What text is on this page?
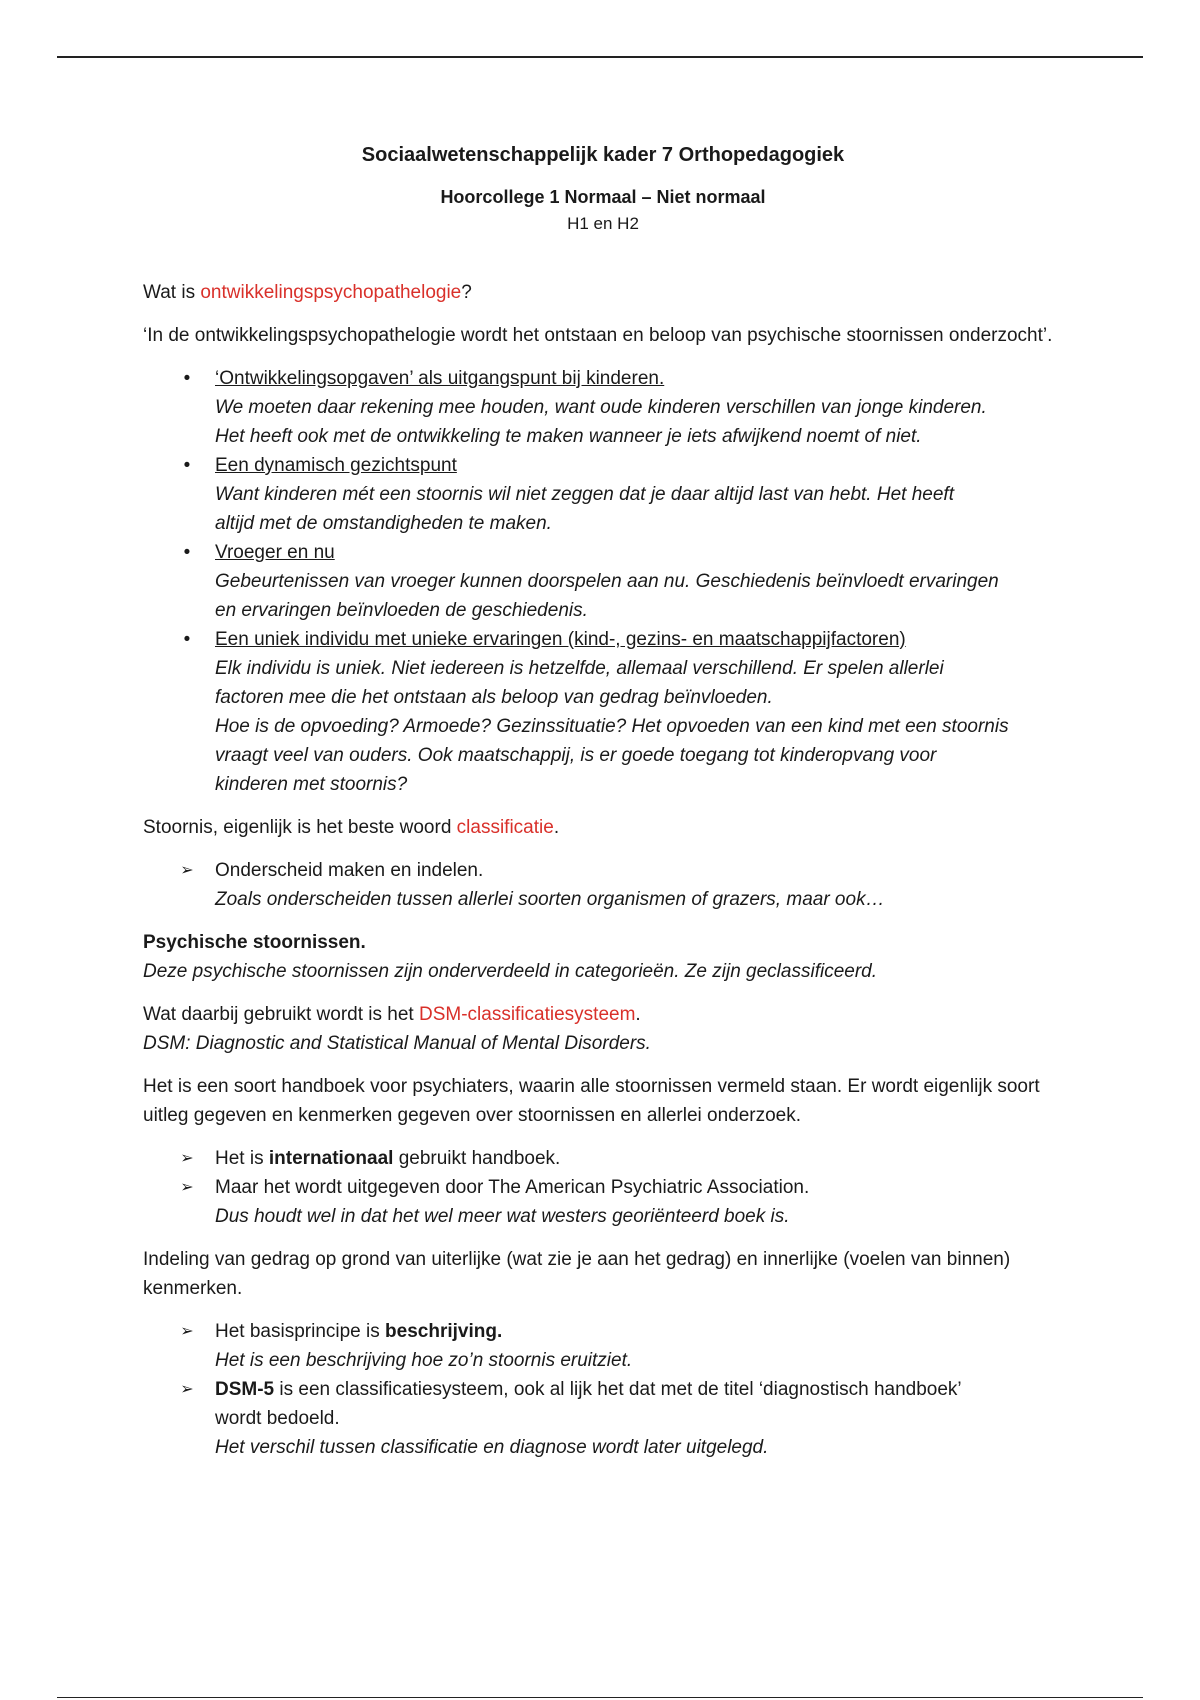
Sociaalwetenschappelijk kader 7 Orthopedagogiek
Hoorcollege 1 Normaal – Niet normaal
H1 en H2

Wat is ontwikkelingspsychopathelogie?

‘In de ontwikkelingspsychopathelogie wordt het ontstaan en beloop van psychische stoornissen onderzocht’.

•	‘Ontwikkelingsopgaven’ als uitgangspunt bij kinderen.
We moeten daar rekening mee houden, want oude kinderen verschillen van jonge kinderen.
Het heeft ook met de ontwikkeling te maken wanneer je iets afwijkend noemt of niet.
•	Een dynamisch gezichtspunt
Want kinderen mét een stoornis wil niet zeggen dat je daar altijd last van hebt. Het heeft
altijd met de omstandigheden te maken.
•	Vroeger en nu
Gebeurtenissen van vroeger kunnen doorspelen aan nu. Geschiedenis beïnvloedt ervaringen
en ervaringen beïnvloeden de geschiedenis.
•	Een uniek individu met unieke ervaringen (kind-, gezins- en maatschappijfactoren)
Elk individu is uniek. Niet iedereen is hetzelfde, allemaal verschillend. Er spelen allerlei
factoren mee die het ontstaan als beloop van gedrag beïnvloeden.
Hoe is de opvoeding? Armoede? Gezinssituatie? Het opvoeden van een kind met een stoornis
vraagt veel van ouders. Ook maatschappij, is er goede toegang tot kinderopvang voor
kinderen met stoornis?

Stoornis, eigenlijk is het beste woord classificatie.

➢ Onderscheid maken en indelen.
Zoals onderscheiden tussen allerlei soorten organismen of grazers, maar ook…

Psychische stoornissen.
Deze psychische stoornissen zijn onderverdeeld in categorieën. Ze zijn geclassificeerd.

Wat daarbij gebruikt wordt is het DSM-classificatiesysteem.
DSM: Diagnostic and Statistical Manual of Mental Disorders.

Het is een soort handboek voor psychiaters, waarin alle stoornissen vermeld staan. Er wordt eigenlijk soort uitleg gegeven en kenmerken gegeven over stoornissen en allerlei onderzoek.

➢ Het is internationaal gebruikt handboek.
➢ Maar het wordt uitgegeven door The American Psychiatric Association.
Dus houdt wel in dat het wel meer wat westers georiënteerd boek is.

Indeling van gedrag op grond van uiterlijke (wat zie je aan het gedrag) en innerlijke (voelen van binnen) kenmerken.

➢ Het basisprincipe is beschrijving.
Het is een beschrijving hoe zo’n stoornis eruitziet.
➢ DSM-5 is een classificatiesysteem, ook al lijk het dat met de titel ‘diagnostisch handboek’
wordt bedoeld.
Het verschil tussen classificatie en diagnose wordt later uitgelegd.
